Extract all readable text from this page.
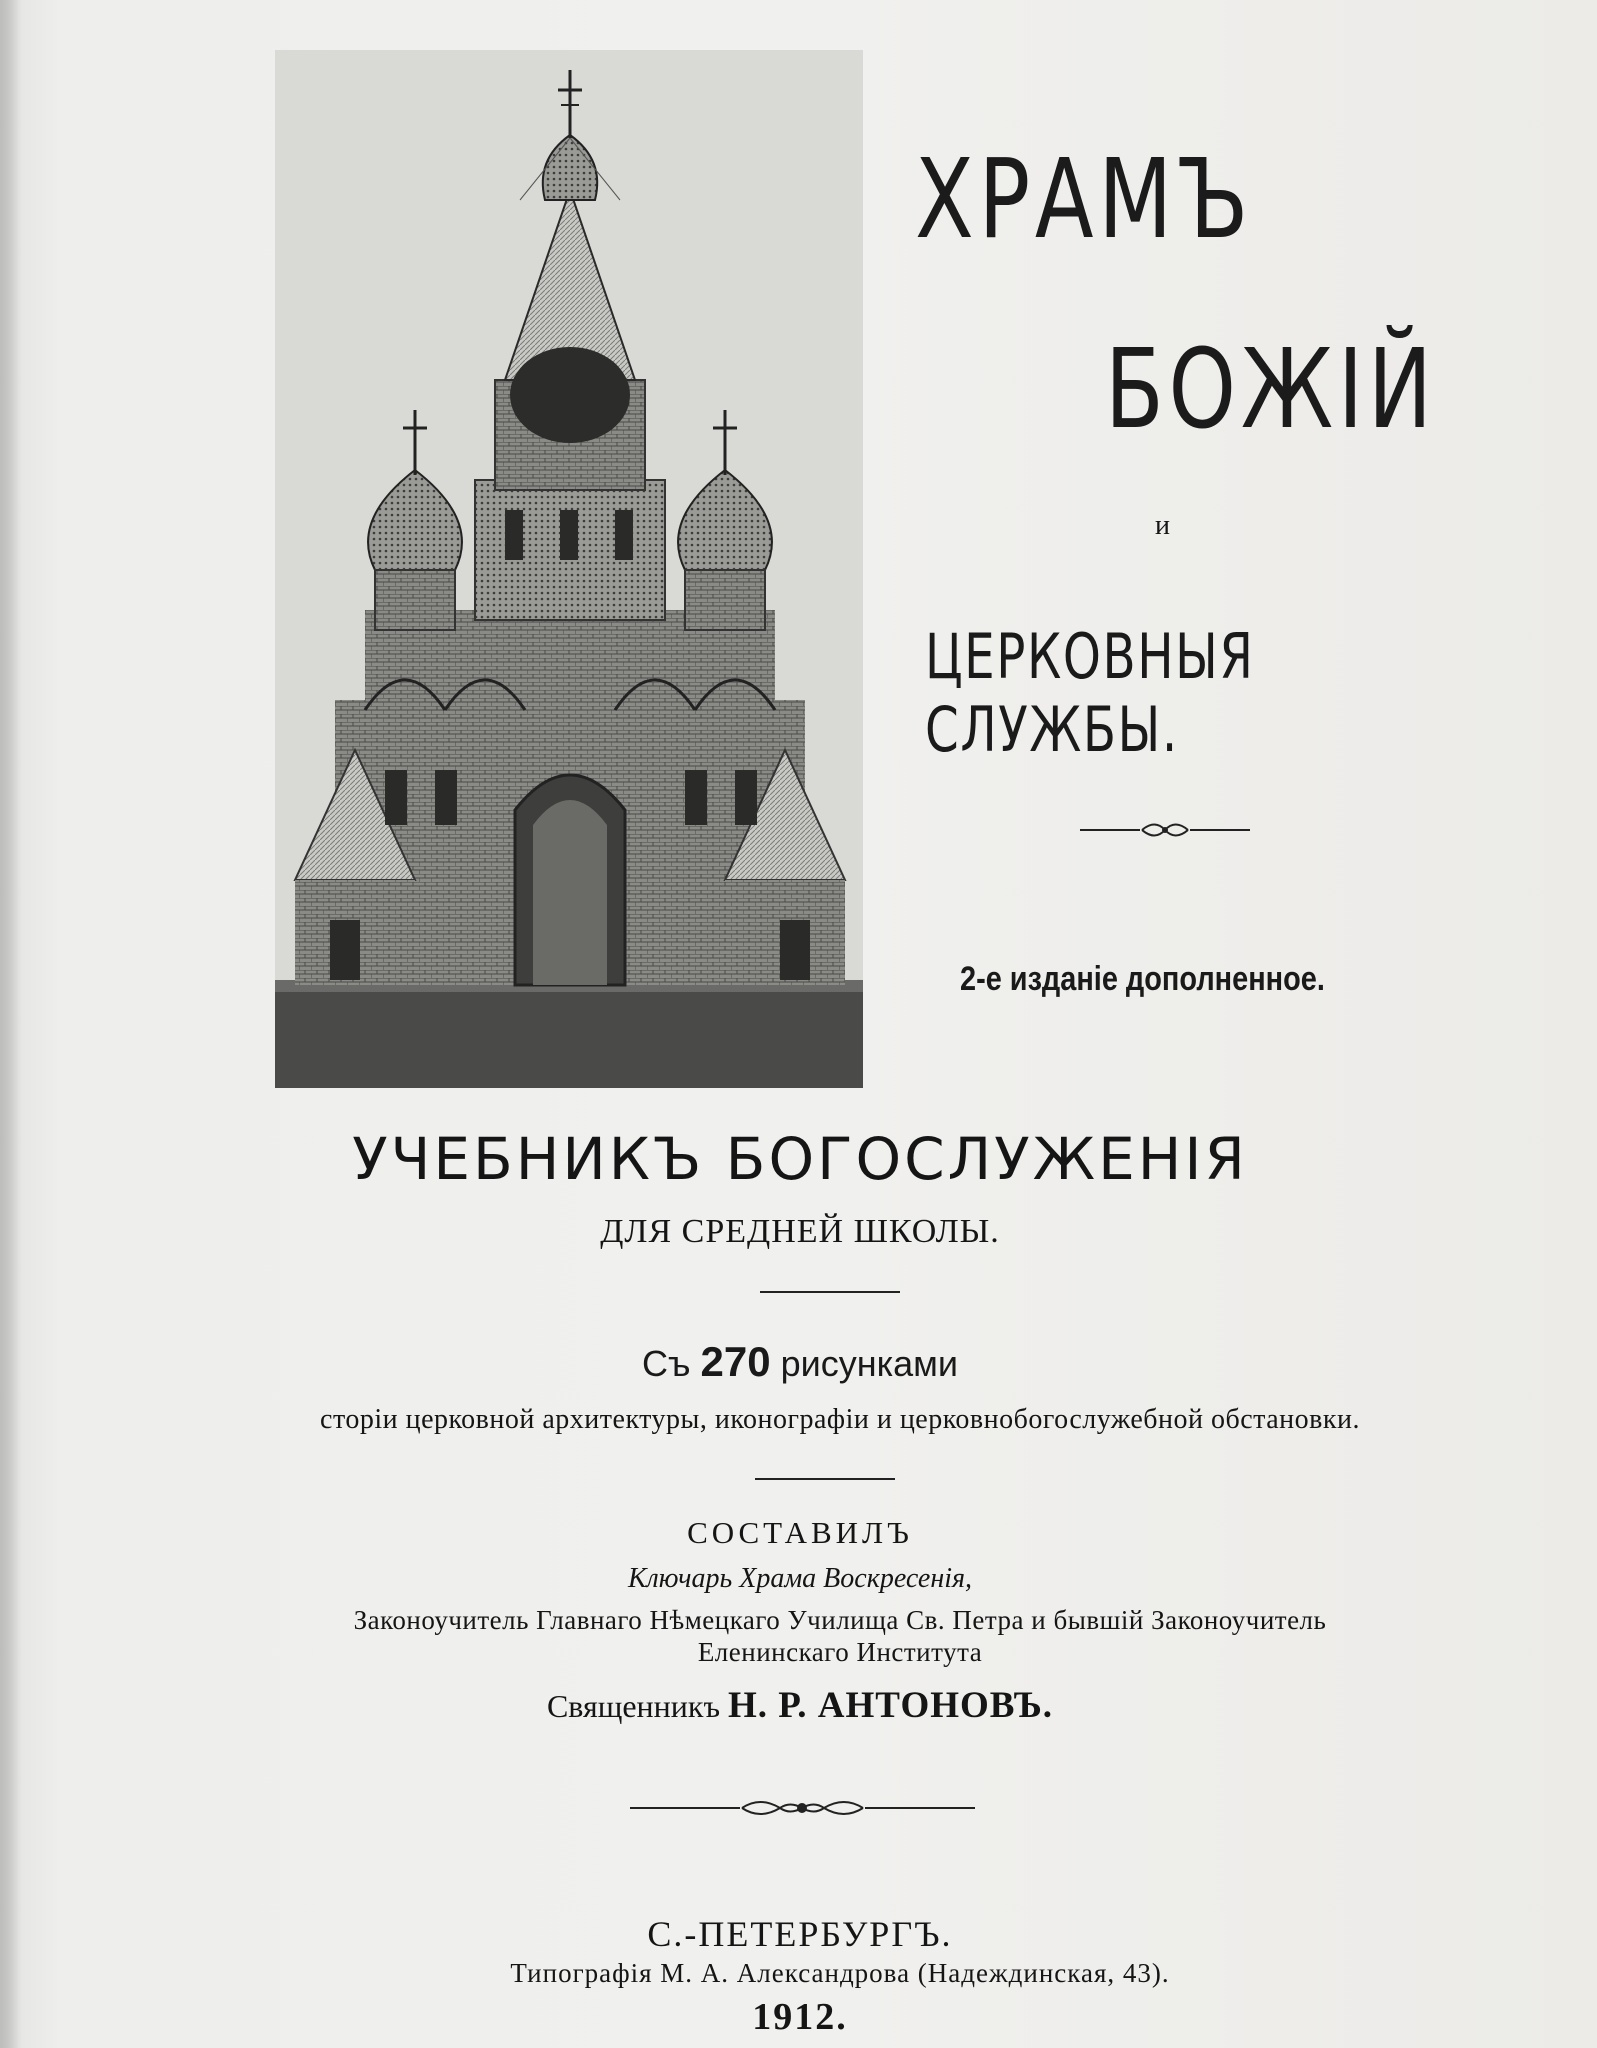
ХРАМЪ
БОЖІЙ
и
ЦЕРКОВНЫЯ СЛУЖБЫ.
2-е изданіе дополненное.
УЧЕБНИКЪ БОГОСЛУЖЕНІЯ
ДЛЯ СРЕДНЕЙ ШКОЛЫ.
Съ 270 рисунками
сторіи церковной архитектуры, иконографіи и церковнобогослужебной обстановки.
СОСТАВИЛЪ
Ключарь Храма Воскресенія,
Законоучитель Главнаго Нѣмецкаго Училища Св. Петра и бывшій Законоучитель
Еленинскаго Института
Священникъ Н. Р. АНТОНОВЪ.
С.-ПЕТЕРБУРГЪ.
Типографія М. А. Александрова (Надеждинская, 43).
1912.
